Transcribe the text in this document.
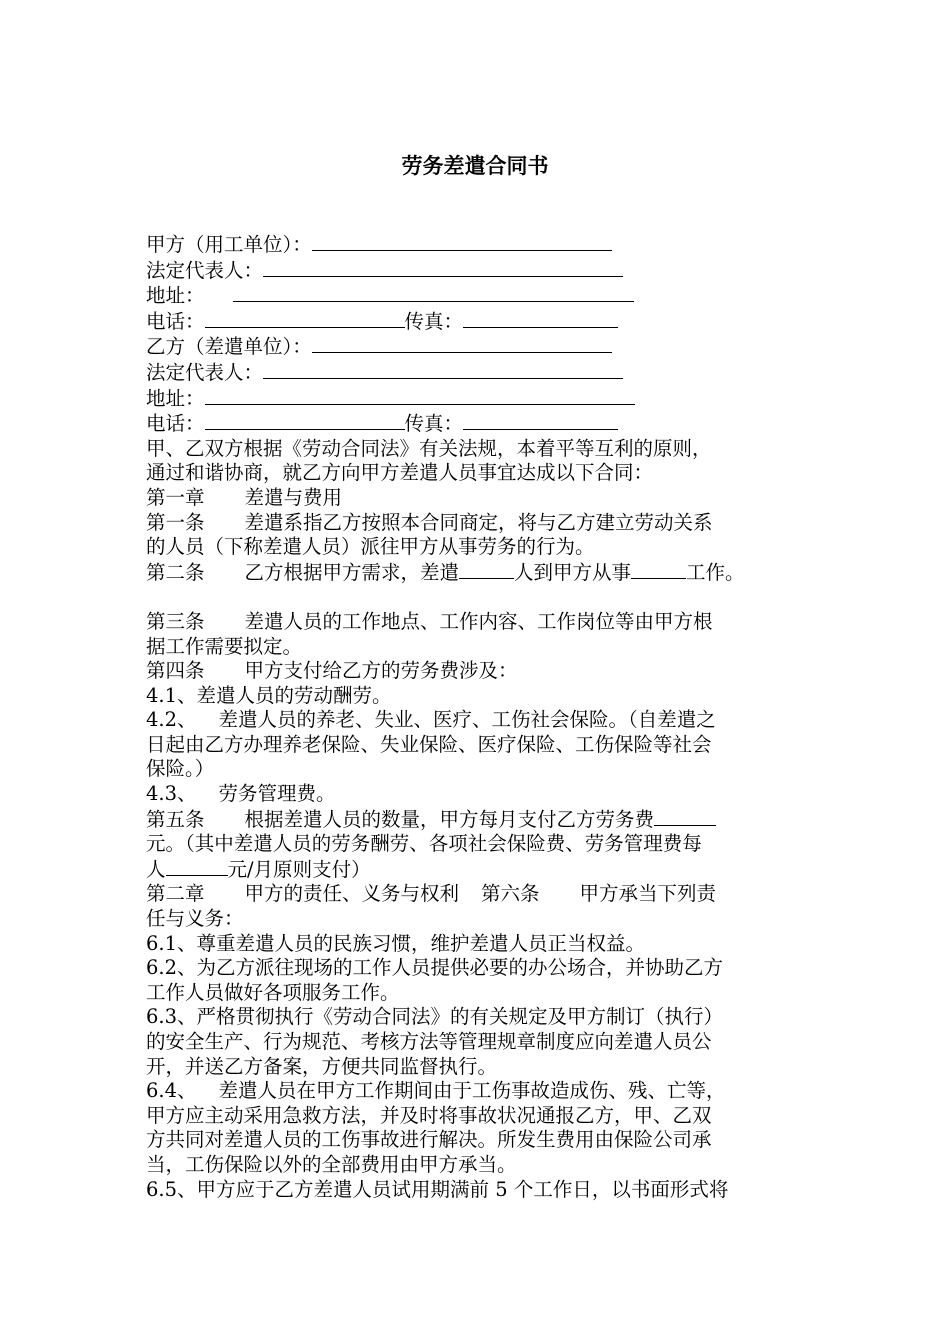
劳务差遣合同书
甲方（用工单位）：
法定代表人：
地址：
电话：	传真：
乙方（差遣单位）：
法定代表人：
地址：
电话：	传真：
甲、乙双方根据《劳动合同法》有关法规，本着平等互利的原则，
通过和谐协商，就乙方向甲方差遣人员事宜达成以下合同：
第一章 差遣与费用
第一条 差遣系指乙方按照本合同商定，将与乙方建立劳动关系
的人员（下称差遣人员）派往甲方从事劳务的行为。
第二条 乙方根据甲方需求，差遣	人到甲方从事	工作。
第三条 差遣人员的工作地点、工作内容、工作岗位等由甲方根
据工作需要拟定。
第四条 甲方支付给乙方的劳务费涉及：
4.1、差遣人员的劳动酬劳。
4.2、 差遣人员的养老、失业、医疗、工伤社会保险。（自差遣之
日起由乙方办理养老保险、失业保险、医疗保险、工伤保险等社会
保险。）
4.3、 劳务管理费。
第五条 根据差遣人员的数量，甲方每月支付乙方劳务费
元。（其中差遣人员的劳务酬劳、各项社会保险费、劳务管理费每
人	元/月原则支付）
第二章 甲方的责任、义务与权利 第六条 甲方承当下列责
任与义务：
6.1、尊重差遣人员的民族习惯，维护差遣人员正当权益。
6.2、为乙方派往现场的工作人员提供必要的办公场合，并协助乙方
工作人员做好各项服务工作。
6.3、严格贯彻执行《劳动合同法》的有关规定及甲方制订（执行）
的安全生产、行为规范、考核方法等管理规章制度应向差遣人员公
开，并送乙方备案，方便共同监督执行。
6.4、 差遣人员在甲方工作期间由于工伤事故造成伤、残、亡等，
甲方应主动采用急救方法，并及时将事故状况通报乙方，甲、乙双
方共同对差遣人员的工伤事故进行解决。所发生费用由保险公司承
当，工伤保险以外的全部费用由甲方承当。
6.5、甲方应于乙方差遣人员试用期满前 5 个工作日，以书面形式将
